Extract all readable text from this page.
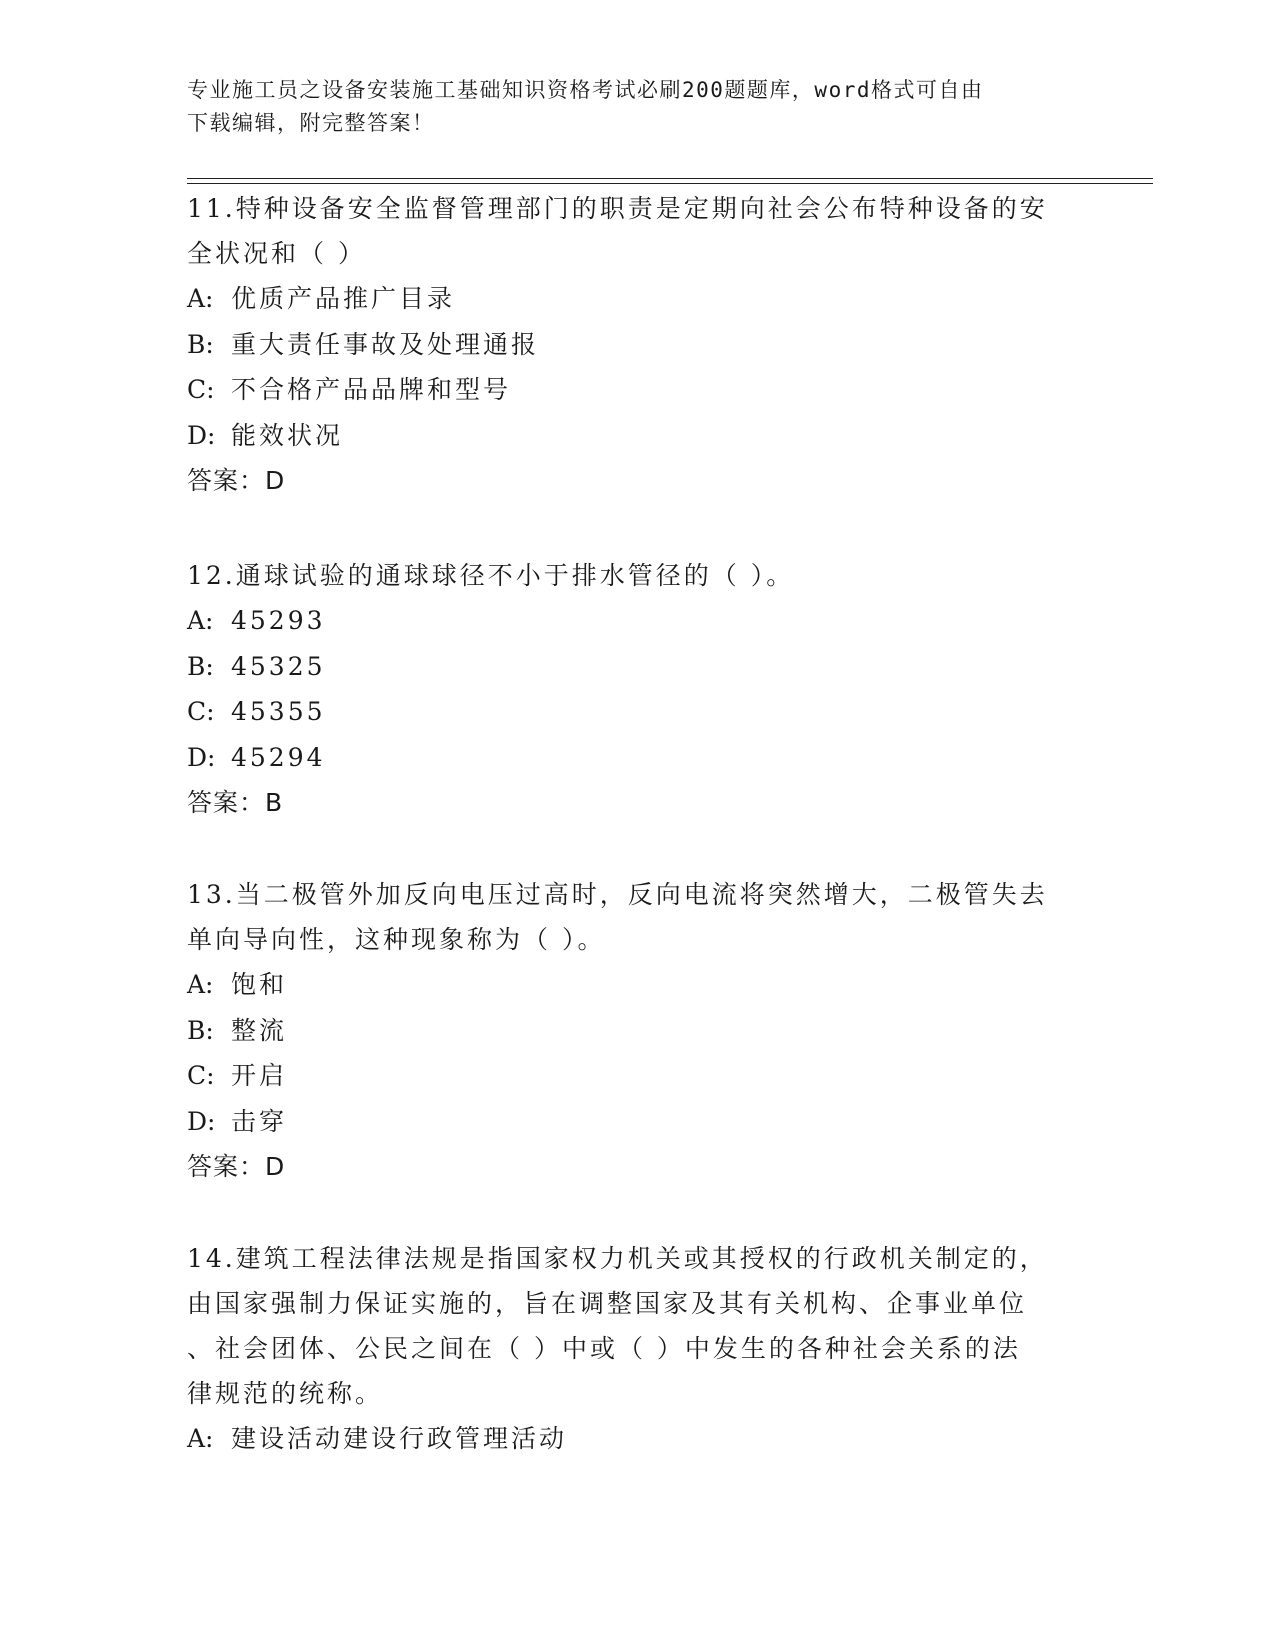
专业施工员之设备安装施工基础知识资格考试必刷200题题库，word格式可自由
下载编辑，附完整答案！
11.特种设备安全监督管理部门的职责是定期向社会公布特种设备的安
全状况和（ ）
A: 优质产品推广目录
B: 重大责任事故及处理通报
C: 不合格产品品牌和型号
D: 能效状况
答案：D
12.通球试验的通球球径不小于排水管径的（ ）。
A: 45293
B: 45325
C: 45355
D: 45294
答案：B
13.当二极管外加反向电压过高时，反向电流将突然增大，二极管失去
单向导向性，这种现象称为（ ）。
A: 饱和
B: 整流
C: 开启
D: 击穿
答案：D
14.建筑工程法律法规是指国家权力机关或其授权的行政机关制定的，
由国家强制力保证实施的，旨在调整国家及其有关机构、企事业单位
、社会团体、公民之间在（ ）中或（ ）中发生的各种社会关系的法
律规范的统称。
A: 建设活动建设行政管理活动
